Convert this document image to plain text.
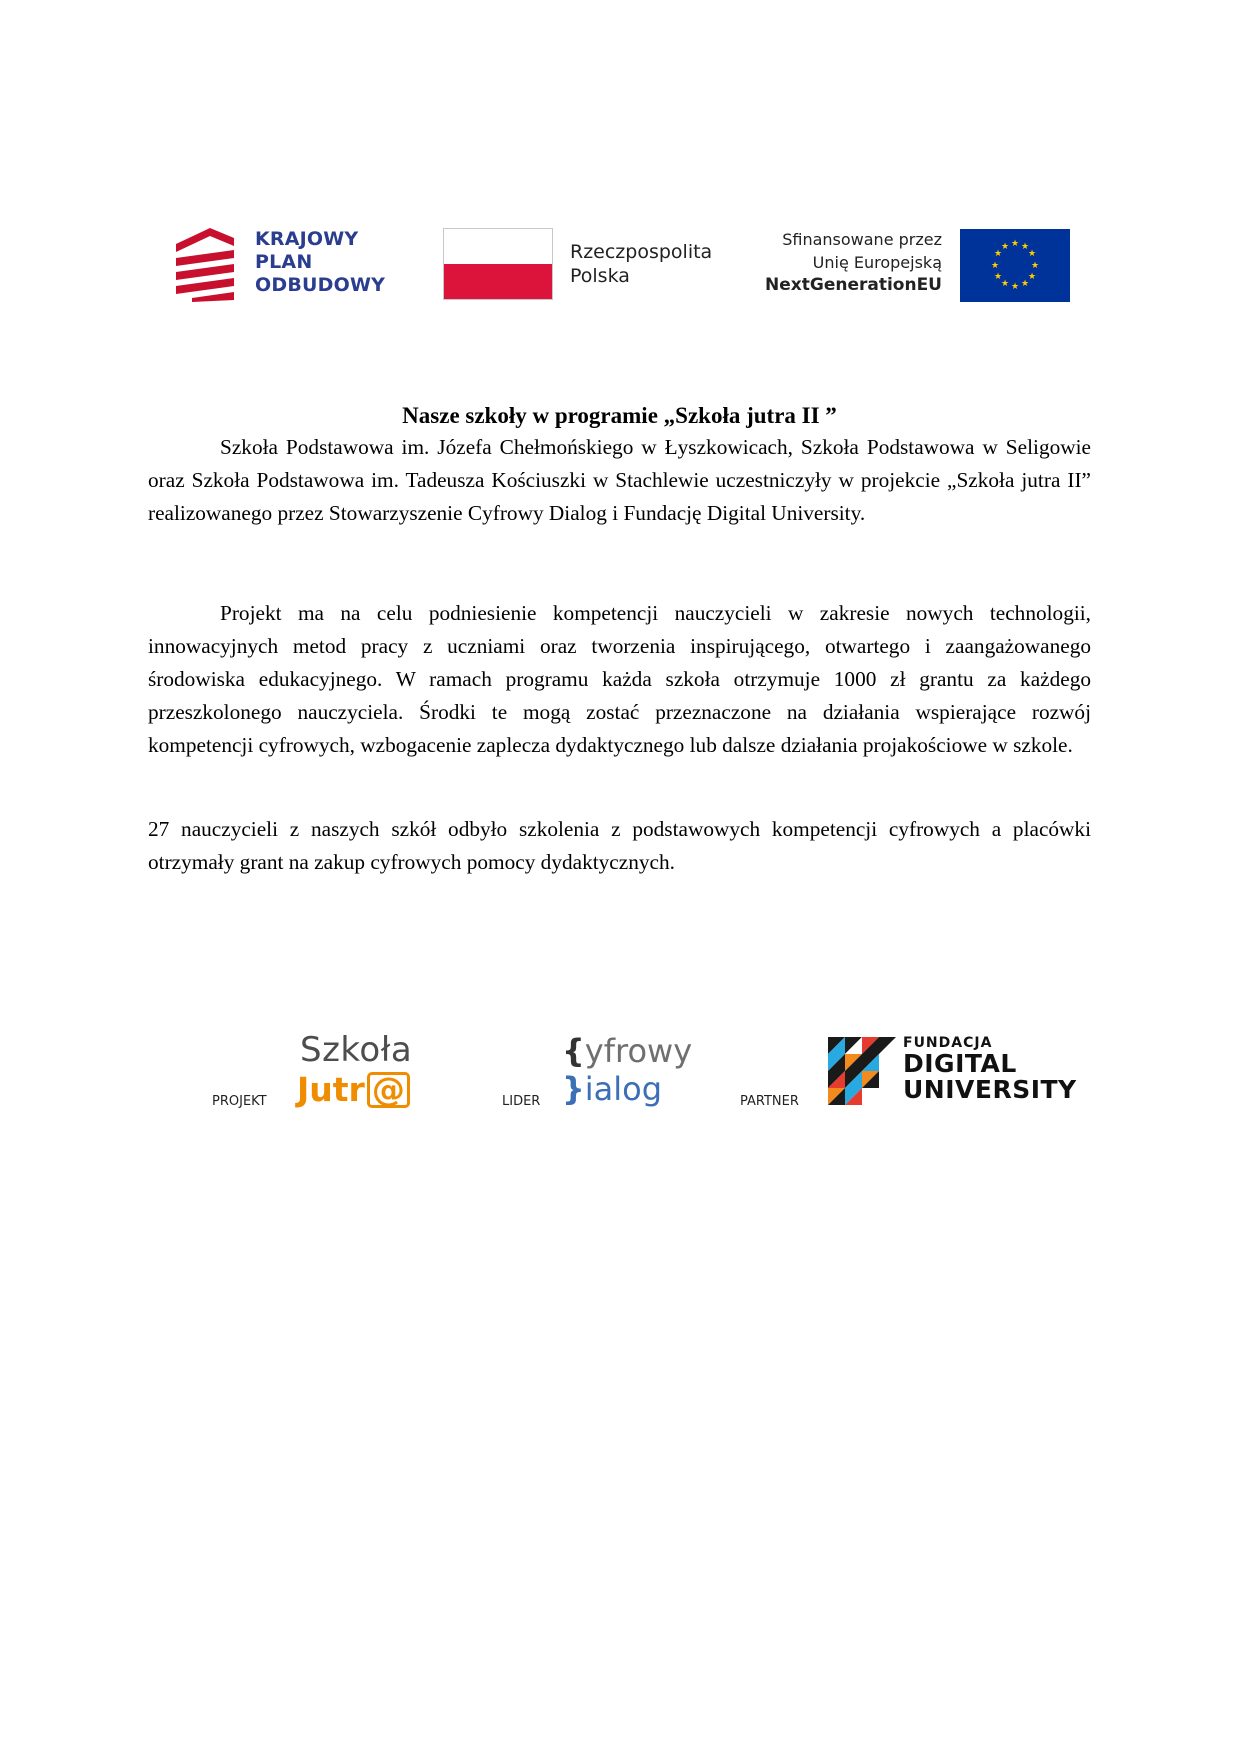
KRAJOWY
PLAN
ODBUDOWY
Rzeczpospolita
Polska
Sfinansowane przez
Unię Europejską
NextGenerationEU
★ ★
★
★
★
★
★
★
★
★
★
★
Nasze szkoły w programie „Szkoła jutra II ”

Szkoła Podstawowa im. Józefa Chełmońskiego w Łyszkowicach, Szkoła Podstawowa w Seligowie oraz Szkoła Podstawowa im. Tadeusza Kościuszki w Stachlewie uczestniczyły w projekcie „Szkoła jutra II” realizowanego przez Stowarzyszenie Cyfrowy Dialog i Fundację Digital University.

Projekt ma na celu podniesienie kompetencji nauczycieli w zakresie nowych technologii, innowacyjnych metod pracy z uczniami oraz tworzenia inspirującego, otwartego i zaangażowanego środowiska edukacyjnego. W ramach programu każda szkoła otrzymuje 1000 zł grantu za każdego przeszkolonego nauczyciela. Środki te mogą zostać przeznaczone na działania wspierające rozwój kompetencji cyfrowych, wzbogacenie zaplecza dydaktycznego lub dalsze działania projakościowe w szkole.

27 nauczycieli z naszych szkół odbyło szkolenia z podstawowych kompetencji cyfrowych a placówki otrzymały grant na zakup cyfrowych pomocy dydaktycznych.

PROJEKT
Szkoła
Jutr @	LIDER
{yfrowy
}ialog	PARTNER
FUNDACJA
DIGITAL
UNIVERSITY
